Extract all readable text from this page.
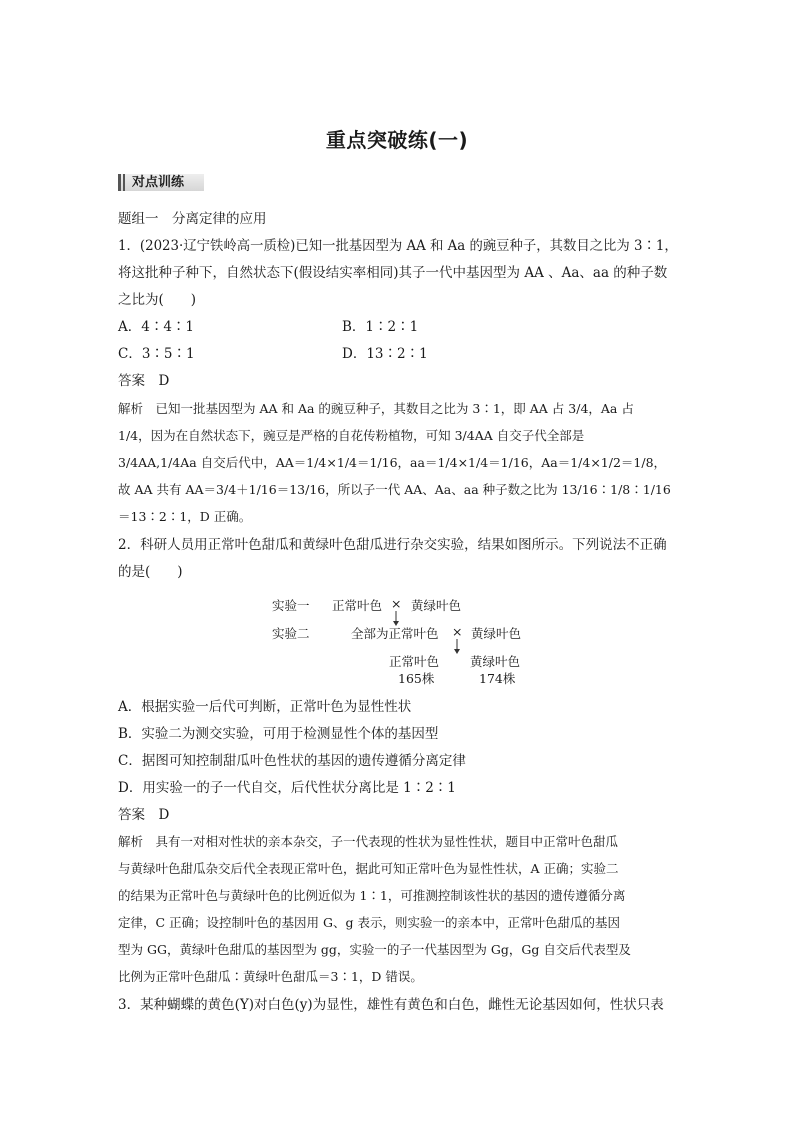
重点突破练(一)
对点训练
题组一　分离定律的应用
1．(2023·辽宁铁岭高一质检)已知一批基因型为 AA 和 Aa 的豌豆种子，其数目之比为 3∶1，
将这批种子种下，自然状态下(假设结实率相同)其子一代中基因型为 AA 、Aa、aa 的种子数
之比为(　　)
A．4∶4∶1	B．1∶2∶1
C．3∶5∶1	D．13∶2∶1
答案　D
解析　已知一批基因型为 AA 和 Aa 的豌豆种子，其数目之比为 3∶1，即 AA 占 3/4，Aa 占
1/4，因为在自然状态下，豌豆是严格的自花传粉植物，可知 3/4AA 自交子代全部是
3/4AA,1/4Aa 自交后代中，AA＝1/4×1/4＝1/16，aa＝1/4×1/4＝1/16，Aa＝1/4×1/2＝1/8，
故 AA 共有 AA＝3/4＋1/16＝13/16，所以子一代 AA、Aa、aa 种子数之比为 13/16∶1/8∶1/16
＝13∶2∶1，D 正确。
2．科研人员用正常叶色甜瓜和黄绿叶色甜瓜进行杂交实验，结果如图所示。下列说法不正确
的是(　　)
实验一 正常叶色 × 黄绿叶色
实验二	全部为正常叶色 × 黄绿叶色
正常叶色
165株
黄绿叶色
174株
A．根据实验一后代可判断，正常叶色为显性性状
B．实验二为测交实验，可用于检测显性个体的基因型
C．据图可知控制甜瓜叶色性状的基因的遗传遵循分离定律
D．用实验一的子一代自交，后代性状分离比是 1∶2∶1
答案　D
解析　具有一对相对性状的亲本杂交，子一代表现的性状为显性性状，题目中正常叶色甜瓜
与黄绿叶色甜瓜杂交后代全表现正常叶色，据此可知正常叶色为显性性状，A 正确；实验二
的结果为正常叶色与黄绿叶色的比例近似为 1∶1，可推测控制该性状的基因的遗传遵循分离
定律，C 正确；设控制叶色的基因用 G、g 表示，则实验一的亲本中，正常叶色甜瓜的基因
型为 GG，黄绿叶色甜瓜的基因型为 gg，实验一的子一代基因型为 Gg，Gg 自交后代表型及
比例为正常叶色甜瓜∶黄绿叶色甜瓜＝3∶1，D 错误。
3．某种蝴蝶的黄色(Y)对白色(y)为显性，雄性有黄色和白色，雌性无论基因如何，性状只表
